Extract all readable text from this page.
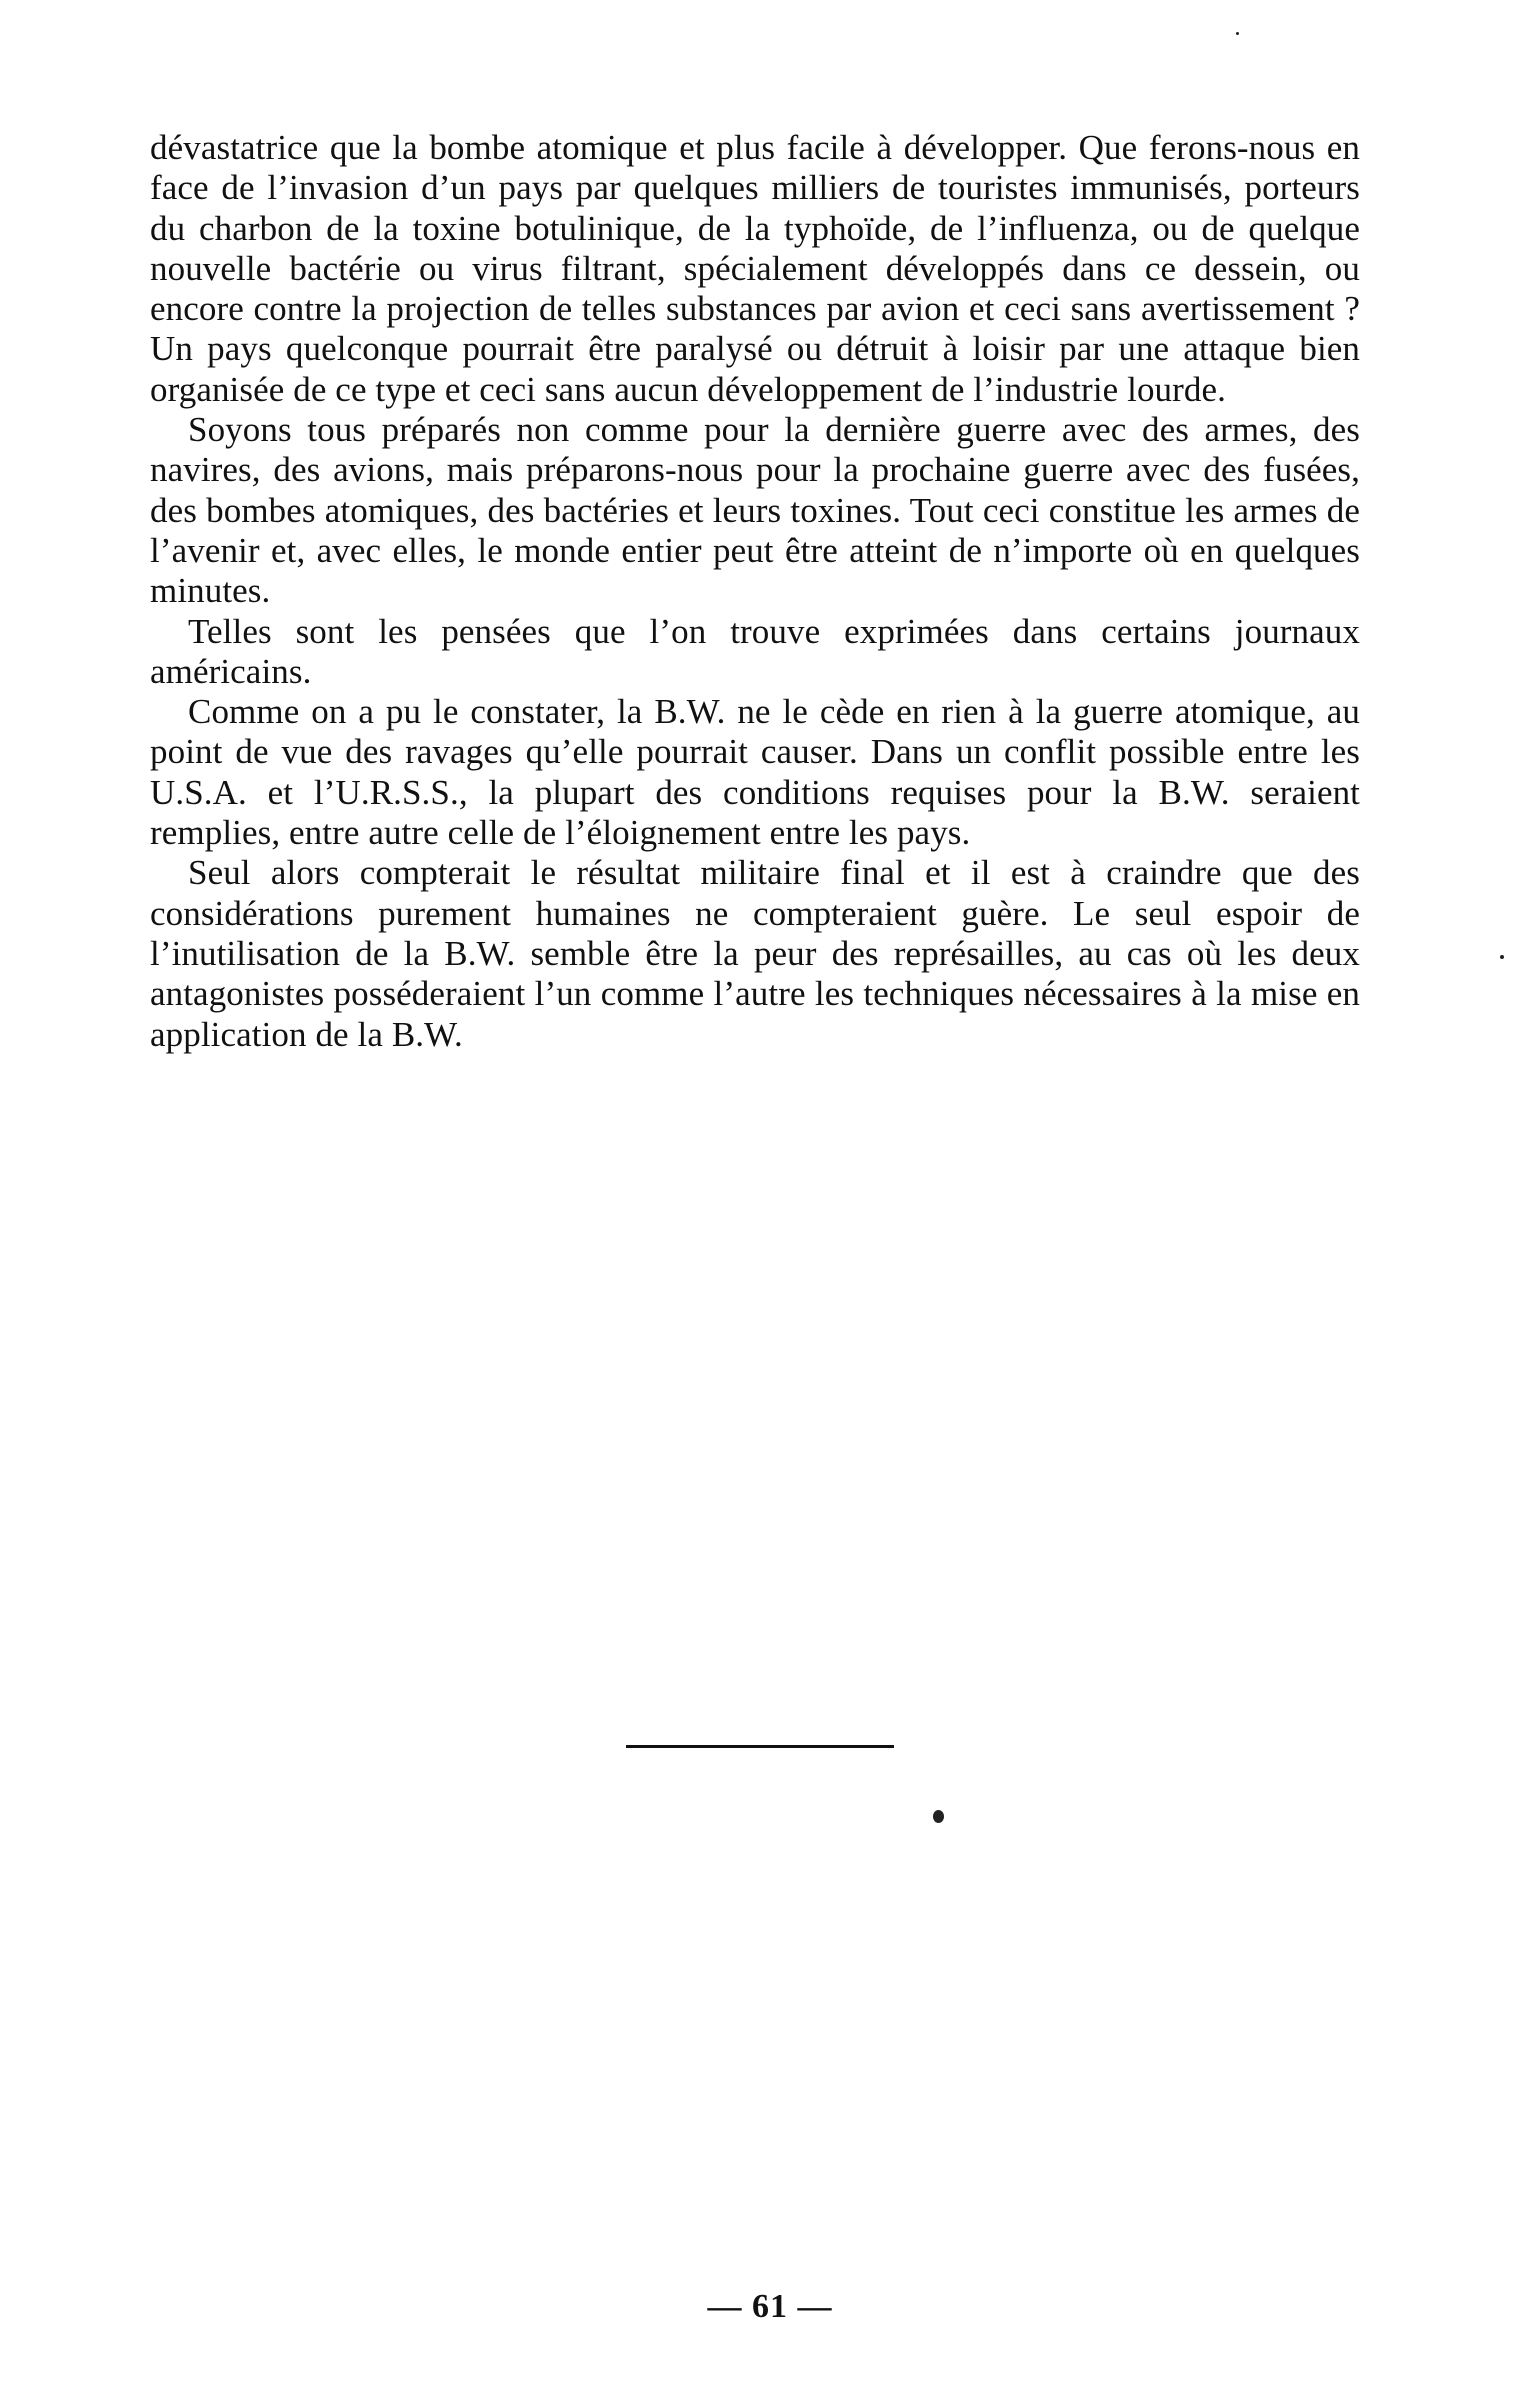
dévastatrice que la bombe atomique et plus facile à développer. Que ferons-nous en face de l’invasion d’un pays par quelques milliers de touristes immunisés, porteurs du charbon de la toxine botulinique, de la typhoïde, de l’influenza, ou de quelque nouvelle bactérie ou virus filtrant, spécialement développés dans ce dessein, ou encore contre la projection de telles substances par avion et ceci sans avertissement ? Un pays quelconque pourrait être paralysé ou détruit à loisir par une attaque bien organisée de ce type et ceci sans aucun développement de l’industrie lourde.

Soyons tous préparés non comme pour la dernière guerre avec des armes, des navires, des avions, mais préparons-nous pour la prochaine guerre avec des fusées, des bombes atomiques, des bactéries et leurs toxines. Tout ceci constitue les armes de l’avenir et, avec elles, le monde entier peut être atteint de n’importe où en quelques minutes.

Telles sont les pensées que l’on trouve exprimées dans certains journaux américains.

Comme on a pu le constater, la B.W. ne le cède en rien à la guerre atomique, au point de vue des ravages qu’elle pourrait causer. Dans un conflit possible entre les U.S.A. et l’U.R.S.S., la plupart des conditions requises pour la B.W. seraient remplies, entre autre celle de l’éloignement entre les pays.

Seul alors compterait le résultat militaire final et il est à craindre que des considérations purement humaines ne compteraient guère. Le seul espoir de l’inutilisation de la B.W. semble être la peur des représailles, au cas où les deux antagonistes posséderaient l’un comme l’autre les techniques nécessaires à la mise en application de la B.W.

— 61 —
